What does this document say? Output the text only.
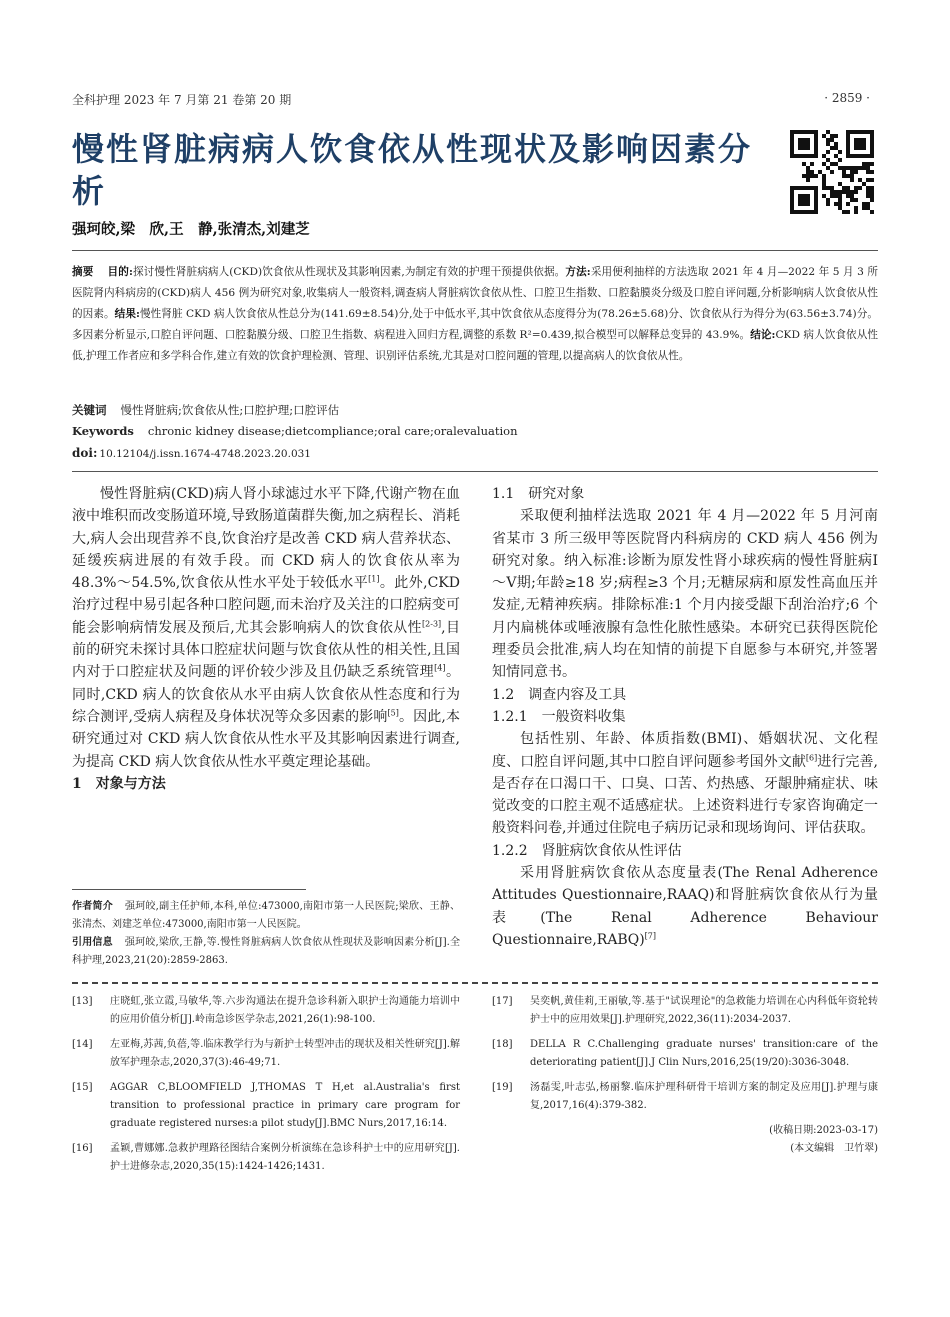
全科护理 2023 年 7 月第 21 卷第 20 期	· 2859 ·
慢性肾脏病病人饮食依从性现状及影响因素分析
强珂皎,梁　欣,王　静,张清杰,刘建芝
摘要 目的:探讨慢性肾脏病病人(CKD)饮食依从性现状及其影响因素,为制定有效的护理干预提供依据。方法:采用便利抽样的方法选取 2021 年 4 月—2022 年 5 月 3 所医院肾内科病房的(CKD)病人 456 例为研究对象,收集病人一般资料,调查病人肾脏病饮食依从性、口腔卫生指数、口腔黏膜炎分级及口腔自评问题,分析影响病人饮食依从性的因素。结果:慢性肾脏 CKD 病人饮食依从性总分为(141.69±8.54)分,处于中低水平,其中饮食依从态度得分为(78.26±5.68)分、饮食依从行为得分为(63.56±3.74)分。多因素分析显示,口腔自评问题、口腔黏膜分级、口腔卫生指数、病程进入回归方程,调整的系数 R²=0.439,拟合模型可以解释总变异的 43.9%。结论:CKD 病人饮食依从性低,护理工作者应和多学科合作,建立有效的饮食护理检测、管理、识别评估系统,尤其是对口腔问题的管理,以提高病人的饮食依从性。
关键词 慢性肾脏病;饮食依从性;口腔护理;口腔评估
Keywords chronic kidney disease;dietcompliance;oral care;oralevaluation
doi: 10.12104/j.issn.1674-4748.2023.20.031

慢性肾脏病(CKD)病人肾小球滤过水平下降,代谢产物在血液中堆积而改变肠道环境,导致肠道菌群失衡,加之病程长、消耗大,病人会出现营养不良,饮食治疗是改善 CKD 病人营养状态、延缓疾病进展的有效手段。而 CKD 病人的饮食依从率为 48.3%～54.5%,饮食依从性水平处于较低水平[1]。此外,CKD 治疗过程中易引起各种口腔问题,而未治疗及关注的口腔病变可能会影响病情发展及预后,尤其会影响病人的饮食依从性[2-3],目前的研究未探讨具体口腔症状问题与饮食依从性的相关性,且国内对于口腔症状及问题的评价较少涉及且仍缺乏系统管理[4]。同时,CKD 病人的饮食依从水平由病人饮食依从性态度和行为综合测评,受病人病程及身体状况等众多因素的影响[5]。因此,本研究通过对 CKD 病人饮食依从性水平及其影响因素进行调查,为提高 CKD 病人饮食依从性水平奠定理论基础。

1　对象与方法

作者简介 强珂皎,副主任护师,本科,单位:473000,南阳市第一人民医院;梁欣、王静、张清杰、刘建芝单位:473000,南阳市第一人民医院。
引用信息 强珂皎,梁欣,王静,等.慢性肾脏病病人饮食依从性现状及影响因素分析[J].全科护理,2023,21(20):2859-2863.

1.1　研究对象

采取便利抽样法选取 2021 年 4 月—2022 年 5 月河南省某市 3 所三级甲等医院肾内科病房的 CKD 病人 456 例为研究对象。纳入标准:诊断为原发性肾小球疾病的慢性肾脏病Ⅰ～Ⅴ期;年龄≥18 岁;病程≥3 个月;无糖尿病和原发性高血压并发症,无精神疾病。排除标准:1 个月内接受龈下刮治治疗;6 个月内扁桃体或唾液腺有急性化脓性感染。本研究已获得医院伦理委员会批准,病人均在知情的前提下自愿参与本研究,并签署知情同意书。

1.2　调查内容及工具

1.2.1　一般资料收集

包括性别、年龄、体质指数(BMI)、婚姻状况、文化程度、口腔自评问题,其中口腔自评问题参考国外文献[6]进行完善,是否存在口渴口干、口臭、口苦、灼热感、牙龈肿痛症状、味觉改变的口腔主观不适感症状。上述资料进行专家咨询确定一般资料问卷,并通过住院电子病历记录和现场询问、评估获取。

1.2.2　肾脏病饮食依从性评估

采用肾脏病饮食依从态度量表(The Renal Adherence Attitudes Questionnaire,RAAQ)和肾脏病饮食依从行为量表(The Renal Adherence Behaviour Questionnaire,RABQ)[7]

[13]	庄晓虹,张立霞,马敏华,等.六步沟通法在提升急诊科新入职护士沟通能力培训中的应用价值分析[J].岭南急诊医学杂志,2021,26(1):98-100.
[14]	左亚梅,苏茜,负蓓,等.临床教学行为与新护士转型冲击的现状及相关性研究[J].解放军护理杂志,2020,37(3):46-49;71.
[15]	AGGAR C,BLOOMFIELD J,THOMAS T H,et al.Australia's first transition to professional practice in primary care program for graduate registered nurses:a pilot study[J].BMC Nurs,2017,16:14.
[16]	孟颖,曹娜娜.急救护理路径图结合案例分析演练在急诊科护士中的应用研究[J].护士进修杂志,2020,35(15):1424-1426;1431.
[17]	吴奕帆,黄佳莉,王丽敏,等.基于"试误理论"的急救能力培训在心内科低年资轮转护士中的应用效果[J].护理研究,2022,36(11):2034-2037.
[18]	DELLA R C.Challenging graduate nurses' transition:care of the deteriorating patient[J].J Clin Nurs,2016,25(19/20):3036-3048.
[19]	汤磊雯,叶志弘,杨丽黎.临床护理科研骨干培训方案的制定及应用[J].护理与康复,2017,16(4):379-382.
(收稿日期:2023-03-17)
(本文编辑　卫竹翠)
